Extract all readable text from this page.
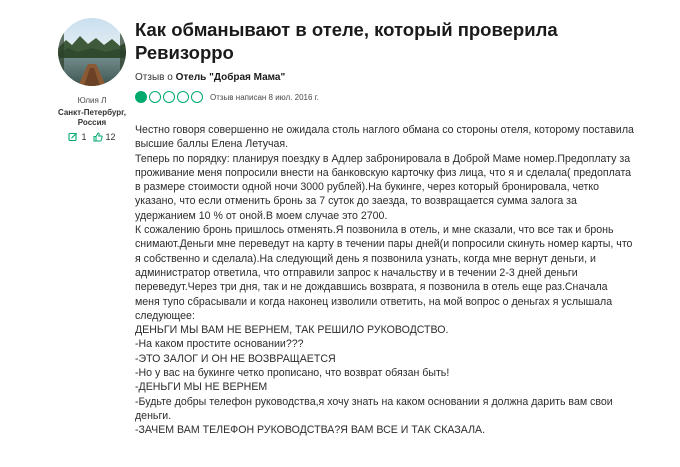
Юлия Л
Санкт-Петербург, Россия
1 12
Как обманывают в отеле, который проверила Ревизорро
Отзыв о Отель "Добрая Мама"
Отзыв написан 8 июл. 2016 г.

Честно говоря совершенно не ожидала столь наглого обмана со стороны отеля, которому поставила высшие баллы Елена Летучая.

Теперь по порядку: планируя поездку в Адлер забронировала в Доброй Маме номер.Предоплату за проживание меня попросили внести на банковскую карточку физ лица, что я и сделала( предоплата в размере стоимости одной ночи 3000 рублей).На букинге, через который бронировала, четко указано, что если отменить бронь за 7 суток до заезда, то возвращается сумма залога за удержанием 10 % от оной.В моем случае это 2700.

К сожалению бронь пришлось отменять.Я позвонила в отель, и мне сказали, что все так и бронь снимают.Деньги мне переведут на карту в течении пары дней(и попросили скинуть номер карты, что я собственно и сделала).На следующий день я позвонила узнать, когда мне вернут деньги, и администратор ответила, что отправили запрос к начальству и в течении 2-3 дней деньги переведут.Через три дня, так и не дождавшись возврата, я позвонила в отель еще раз.Сначала меня тупо сбрасывали и когда наконец изволили ответить, на мой вопрос о деньгах я услышала следующее:

ДЕНЬГИ МЫ ВАМ НЕ ВЕРНЕМ, ТАК РЕШИЛО РУКОВОДСТВО.

-На каком простите основании???

-ЭТО ЗАЛОГ И ОН НЕ ВОЗВРАЩАЕТСЯ

-Но у вас на букинге четко прописано, что возврат обязан быть!

-ДЕНЬГИ МЫ НЕ ВЕРНЕМ

-Будьте добры телефон руководства,я хочу знать на каком основании я должна дарить вам свои деньги.

-ЗАЧЕМ ВАМ ТЕЛЕФОН РУКОВОДСТВА?Я ВАМ ВСЕ И ТАК СКАЗАЛА.
